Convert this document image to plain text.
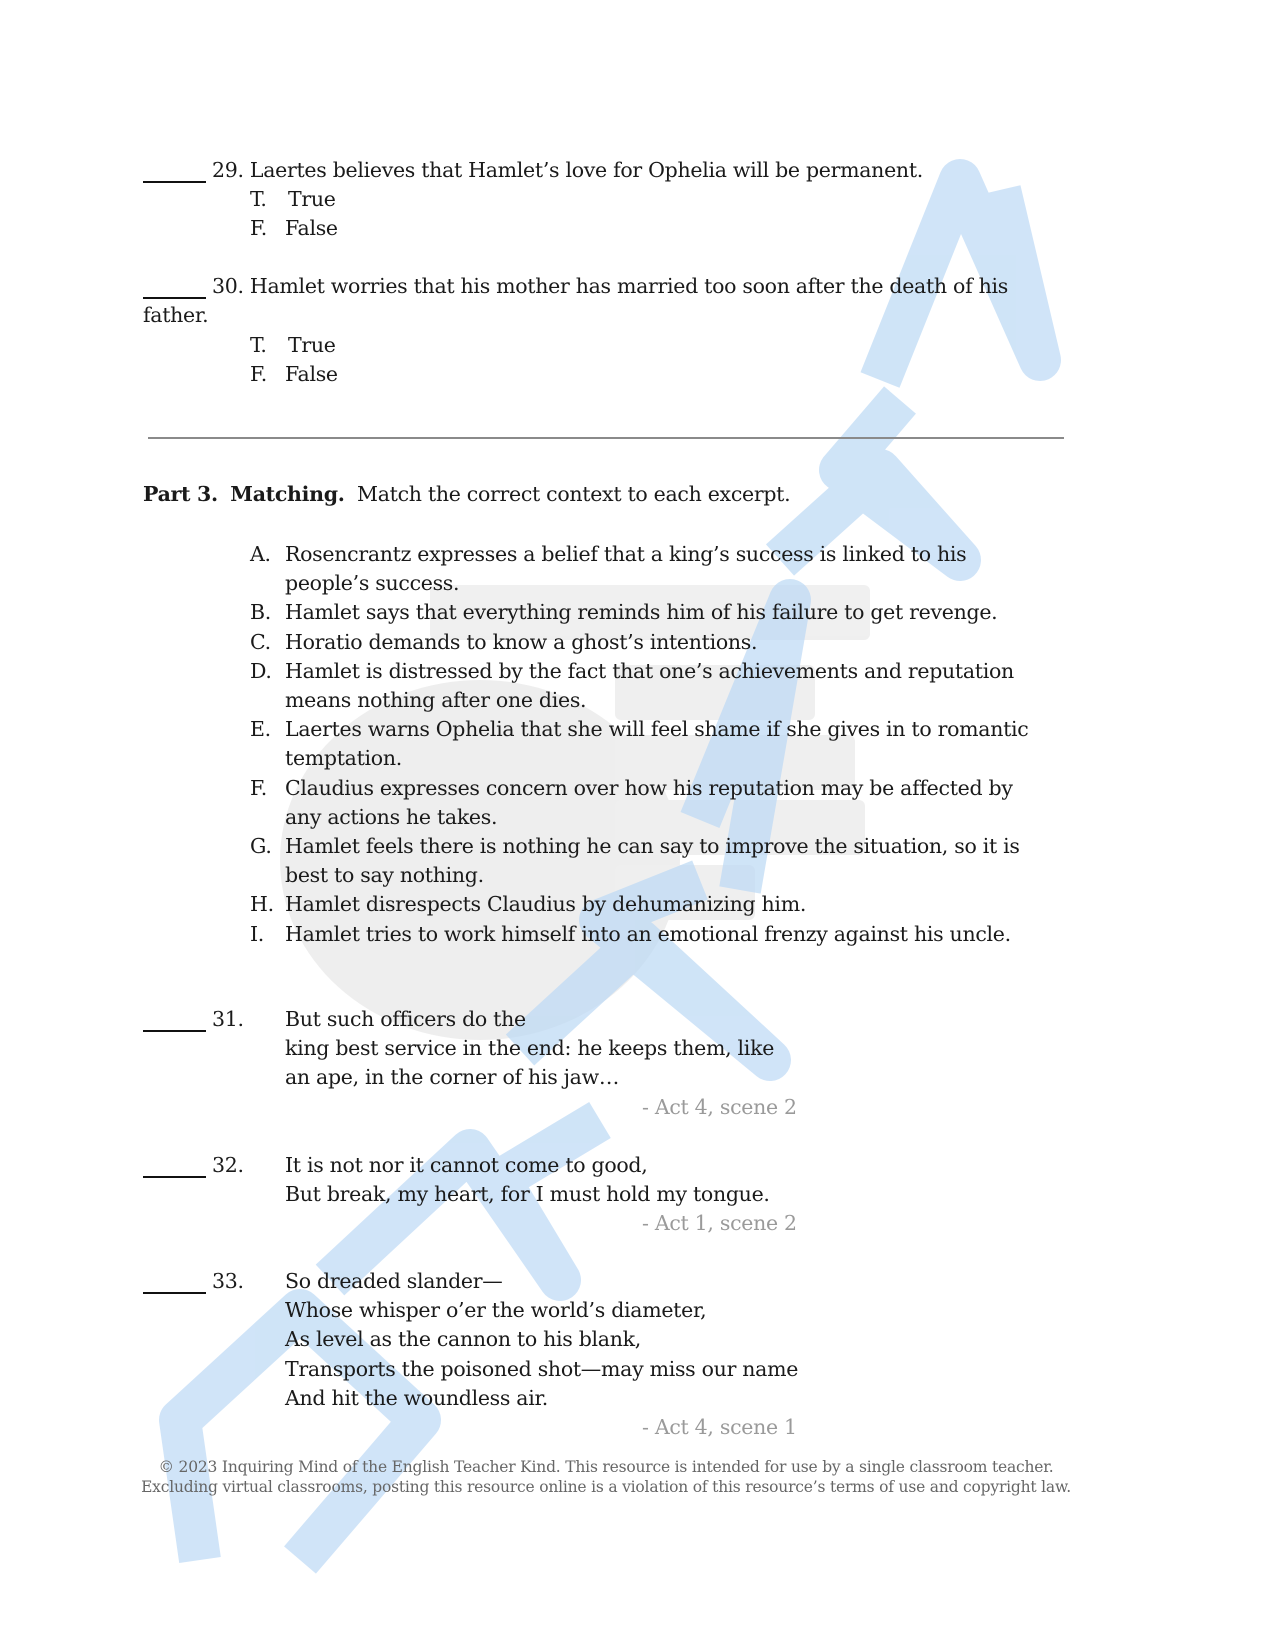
29. Laertes believes that Hamlet’s love for Ophelia will be permanent.
T. True
F. False
30. Hamlet worries that his mother has married too soon after the death of his
father.
T. True
F. False
Part 3. Matching. Match the correct context to each excerpt.
A. Rosencrantz expresses a belief that a king’s success is linked to his
people’s success.
B. Hamlet says that everything reminds him of his failure to get revenge.
C. Horatio demands to know a ghost’s intentions.
D. Hamlet is distressed by the fact that one’s achievements and reputation
means nothing after one dies.
E. Laertes warns Ophelia that she will feel shame if she gives in to romantic
temptation.
F. Claudius expresses concern over how his reputation may be affected by
any actions he takes.
G. Hamlet feels there is nothing he can say to improve the situation, so it is
best to say nothing.
H. Hamlet disrespects Claudius by dehumanizing him.
I. Hamlet tries to work himself into an emotional frenzy against his uncle.
31. But such officers do the
king best service in the end: he keeps them, like
an ape, in the corner of his jaw…
- Act 4, scene 2
32. It is not nor it cannot come to good,
But break, my heart, for I must hold my tongue.
- Act 1, scene 2
33. So dreaded slander—
Whose whisper o’er the world’s diameter,
As level as the cannon to his blank,
Transports the poisoned shot—may miss our name
And hit the woundless air.
- Act 4, scene 1
© 2023 Inquiring Mind of the English Teacher Kind. This resource is intended for use by a single classroom teacher.
Excluding virtual classrooms, posting this resource online is a violation of this resource’s terms of use and copyright law.
